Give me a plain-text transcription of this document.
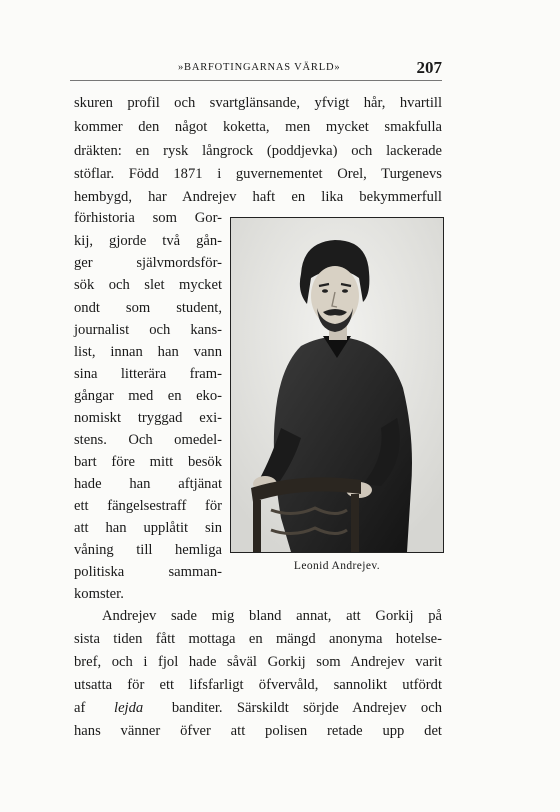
»BARFOTINGARNAS VÄRLD»	207
skuren profil och svartglänsande, yfvigt hår, hvartill
kommer den något koketta, men mycket smakfulla
dräkten: en rysk långrock (poddjevka) och lackerade
stöflar. Född 1871 i guvernementet Orel, Turgenevs
hembygd, har Andrejev haft en lika bekymmerfull
förhistoria som Gor-
kij, gjorde två gån-
ger självmordsför-
sök och slet mycket
ondt som student,
journalist och kans-
list, innan han vann
sina litterära fram-
gångar med en eko-
nomiskt tryggad exi-
stens. Och omedel-
bart före mitt besök
hade han aftjänat
ett fängelsestraff för
att han upplåtit sin
våning till hemliga
politiska samman-
komster.
Leonid Andrejev.
Andrejev sade mig bland annat, att Gorkij på
sista tiden fått mottaga en mängd anonyma hotelse-
bref, och i fjol hade såväl Gorkij som Andrejev varit
utsatta för ett lifsfarligt öfvervåld, sannolikt utfördt
af lejda banditer. Särskildt sörjde Andrejev och
hans vänner öfver att polisen retade upp det
